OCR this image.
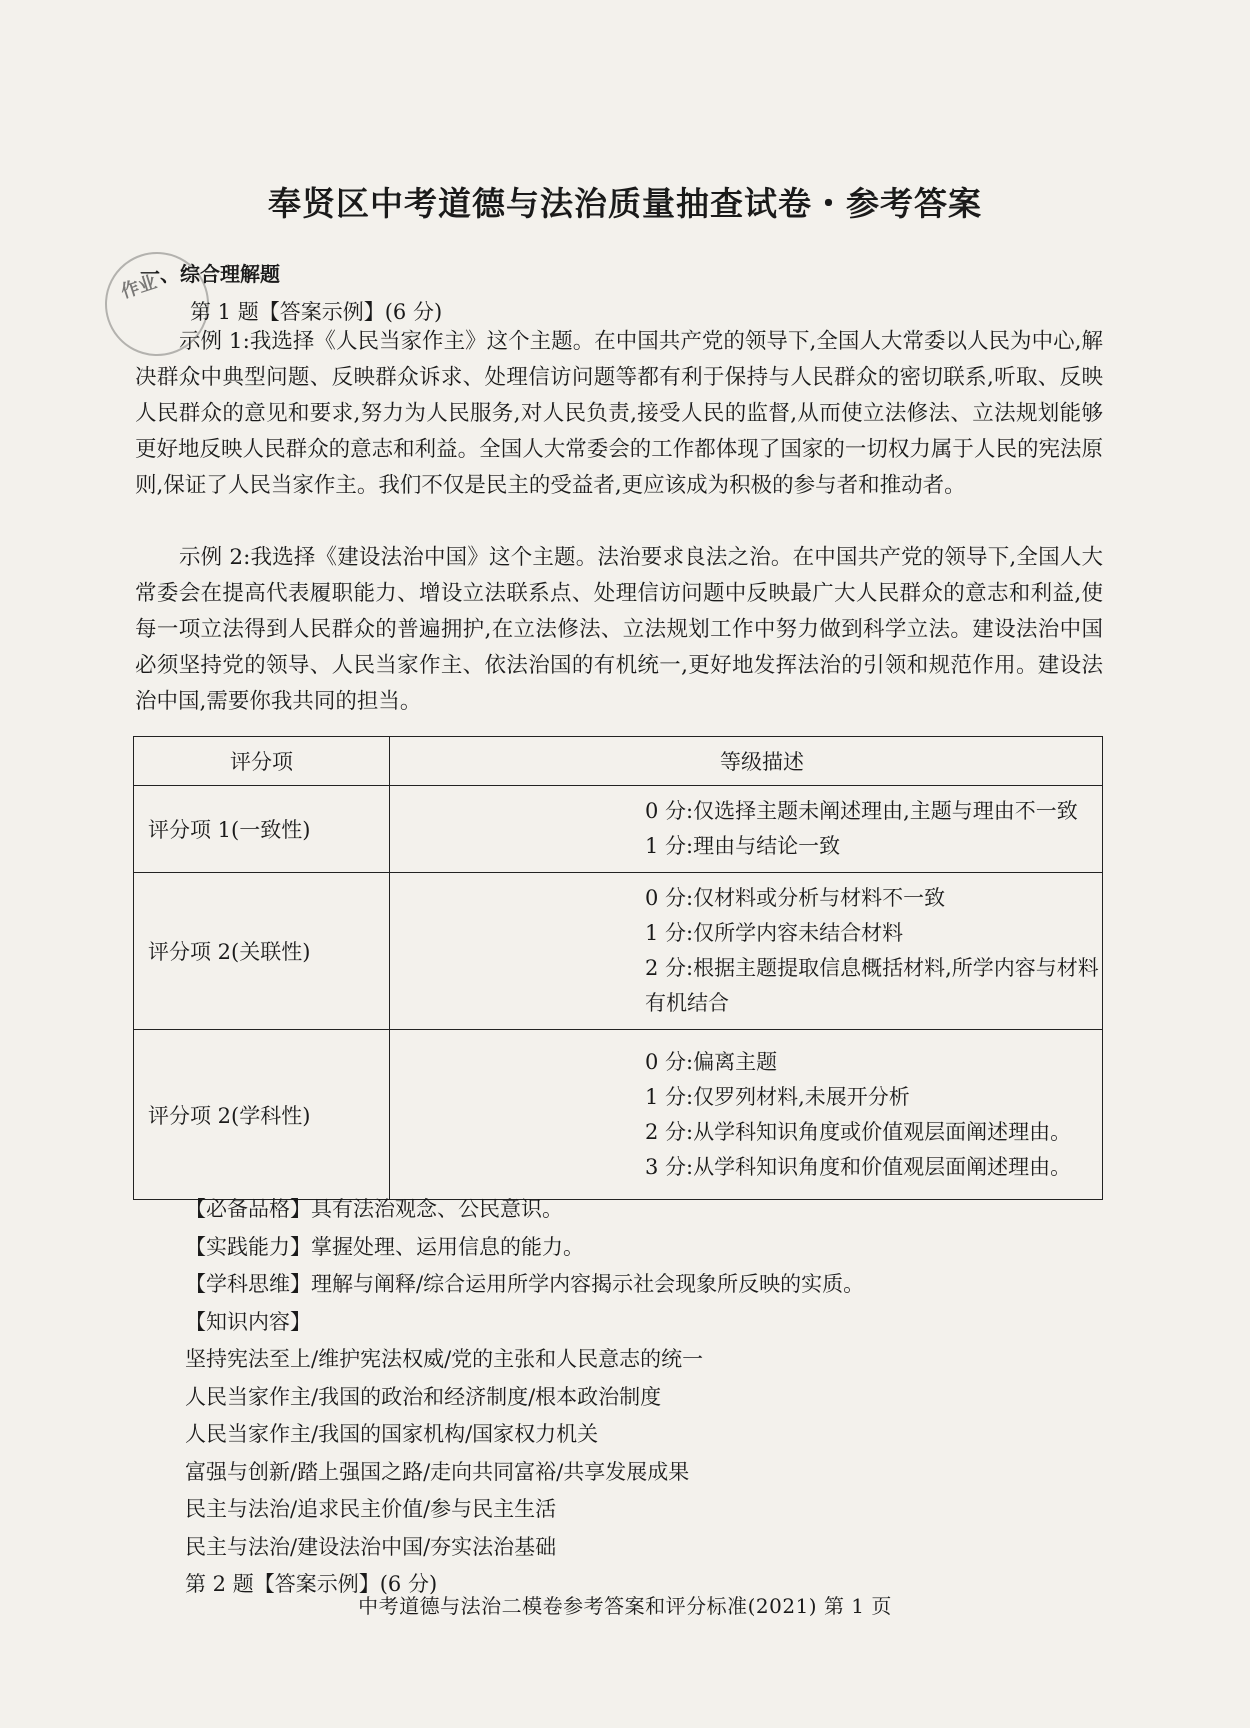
奉贤区中考道德与法治质量抽查试卷・参考答案
作业
一、综合理解题
第 1 题【答案示例】(6 分)
示例 1:我选择《人民当家作主》这个主题。在中国共产党的领导下,全国人大常委以人民为中心,解决群众中典型问题、反映群众诉求、处理信访问题等都有利于保持与人民群众的密切联系,听取、反映人民群众的意见和要求,努力为人民服务,对人民负责,接受人民的监督,从而使立法修法、立法规划能够更好地反映人民群众的意志和利益。全国人大常委会的工作都体现了国家的一切权力属于人民的宪法原则,保证了人民当家作主。我们不仅是民主的受益者,更应该成为积极的参与者和推动者。
示例 2:我选择《建设法治中国》这个主题。法治要求良法之治。在中国共产党的领导下,全国人大常委会在提高代表履职能力、增设立法联系点、处理信访问题中反映最广大人民群众的意志和利益,使每一项立法得到人民群众的普遍拥护,在立法修法、立法规划工作中努力做到科学立法。建设法治中国必须坚持党的领导、人民当家作主、依法治国的有机统一,更好地发挥法治的引领和规范作用。建设法治中国,需要你我共同的担当。
评分项	等级描述
评分项 1(一致性)	0 分:仅选择主题未阐述理由,主题与理由不一致
1 分:理由与结论一致

评分项 2(关联性)	0 分:仅材料或分析与材料不一致
1 分:仅所学内容未结合材料
2 分:根据主题提取信息概括材料,所学内容与材料有机结合

评分项 2(学科性)	0 分:偏离主题
1 分:仅罗列材料,未展开分析
2 分:从学科知识角度或价值观层面阐述理由。
3 分:从学科知识角度和价值观层面阐述理由。
【必备品格】具有法治观念、公民意识。
【实践能力】掌握处理、运用信息的能力。
【学科思维】理解与阐释/综合运用所学内容揭示社会现象所反映的实质。
【知识内容】
坚持宪法至上/维护宪法权威/党的主张和人民意志的统一
人民当家作主/我国的政治和经济制度/根本政治制度
人民当家作主/我国的国家机构/国家权力机关
富强与创新/踏上强国之路/走向共同富裕/共享发展成果
民主与法治/追求民主价值/参与民主生活
民主与法治/建设法治中国/夯实法治基础
第 2 题【答案示例】(6 分)
中考道德与法治二模卷参考答案和评分标准(2021) 第 1 页
